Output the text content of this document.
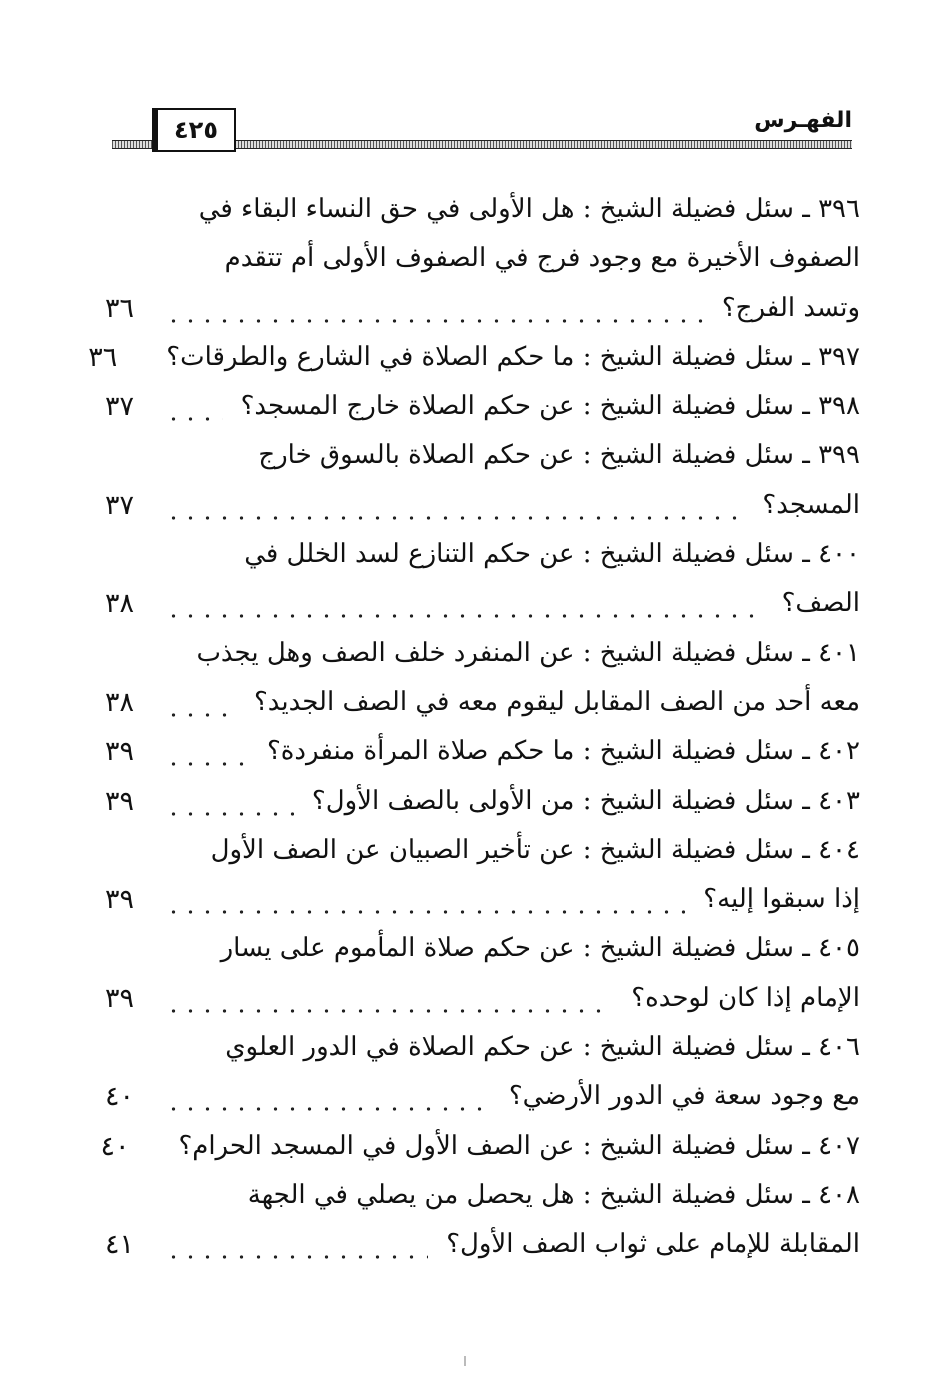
٤٢٥	الفهـرس
٣٩٦ ـ سئل فضيلة الشيخ : هل الأولى في حق النساء البقاء في
الصفوف الأخيرة مع وجود فرج في الصفوف الأولى أم تتقدم
وتسد الفرج؟
٣٦
٣٩٧ ـ سئل فضيلة الشيخ : ما حكم الصلاة في الشارع والطرقات؟
٣٦
٣٩٨ ـ سئل فضيلة الشيخ : عن حكم الصلاة خارج المسجد؟
٣٧
٣٩٩ ـ سئل فضيلة الشيخ : عن حكم الصلاة بالسوق خارج
المسجد؟
٣٧
٤٠٠ ـ سئل فضيلة الشيخ : عن حكم التنازع لسد الخلل في
الصف؟
٣٨
٤٠١ ـ سئل فضيلة الشيخ : عن المنفرد خلف الصف وهل يجذب
معه أحد من الصف المقابل ليقوم معه في الصف الجديد؟
٣٨
٤٠٢ ـ سئل فضيلة الشيخ : ما حكم صلاة المرأة منفردة؟
٣٩
٤٠٣ ـ سئل فضيلة الشيخ : من الأولى بالصف الأول؟
٣٩
٤٠٤ ـ سئل فضيلة الشيخ : عن تأخير الصبيان عن الصف الأول
إذا سبقوا إليه؟
٣٩
٤٠٥ ـ سئل فضيلة الشيخ : عن حكم صلاة المأموم على يسار
الإمام إذا كان لوحده؟
٣٩
٤٠٦ ـ سئل فضيلة الشيخ : عن حكم الصلاة في الدور العلوي
مع وجود سعة في الدور الأرضي؟
٤٠
٤٠٧ ـ سئل فضيلة الشيخ : عن الصف الأول في المسجد الحرام؟
٤٠
٤٠٨ ـ سئل فضيلة الشيخ : هل يحصل من يصلي في الجهة
المقابلة للإمام على ثواب الصف الأول؟
٤١
